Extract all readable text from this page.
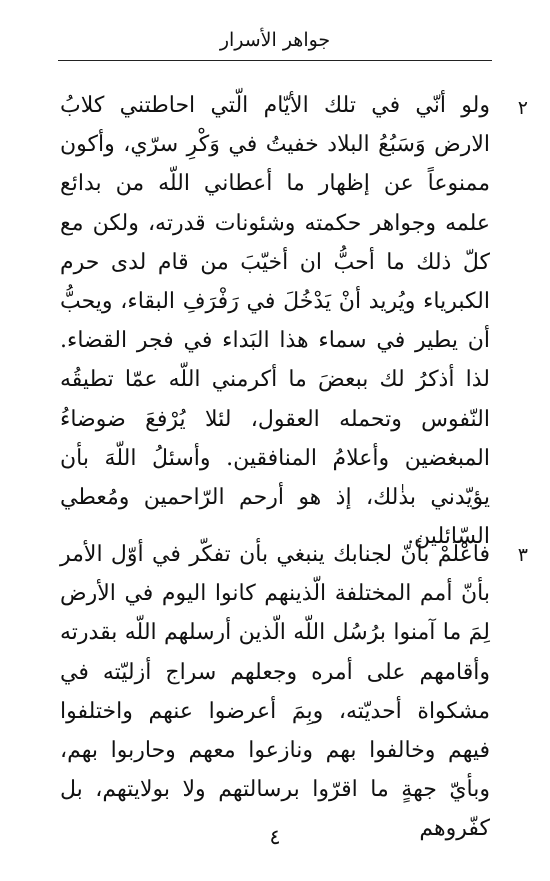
جواهر الأسرار
٢

ولو أنّي في تلك الأيّام الّتي احاطتني كلابُ الارض وَسَبُعُ البلاد خفيتُ في وَكْرِ سرّي، وأكون ممنوعاً عن إظهار ما أعطاني اللّه من بدائع علمه وجواهر حكمته وشئونات قدرته، ولكن مع كلّ ذلك ما أحبُّ ان أخيّبَ من قام لدى حرم الكبرياء ويُريد أنْ يَدْخُلَ في رَفْرَفِ البقاء، ويحبُّ أن يطير في سماء هذا البَداء في فجر القضاء. لذا أذكرُ لك ببعضَ ما أكرمني اللّه عمّا تطيقُه النّفوس وتحمله العقول، لئلا يُرْفعَ ضوضاءُ المبغضين وأعلامُ المنافقين. وأسئلُ اللّهَ بأن يؤيّدني بذٰلك، إذ هو أرحم الرّاحمين ومُعطي السّائلين.

٣

فاعْلَمْ بأنّ لجنابك ينبغي بأن تفكّر في أوّل الأمر بأنّ أمم المختلفة الّذينهم كانوا اليوم في الأرض لِمَ ما آمنوا برُسُل اللّه الّذين أرسلهم اللّه بقدرته وأقامهم على أمره وجعلهم سراج أزليّته في مشكواة أحديّته، وبِمَ أعرضوا عنهم واختلفوا فيهم وخالفوا بهم ونازعوا معهم وحاربوا بهم، وبأيّ جهةٍ ما اقرّوا برسالتهم ولا بولايتهم، بل كفّروهم

٤
